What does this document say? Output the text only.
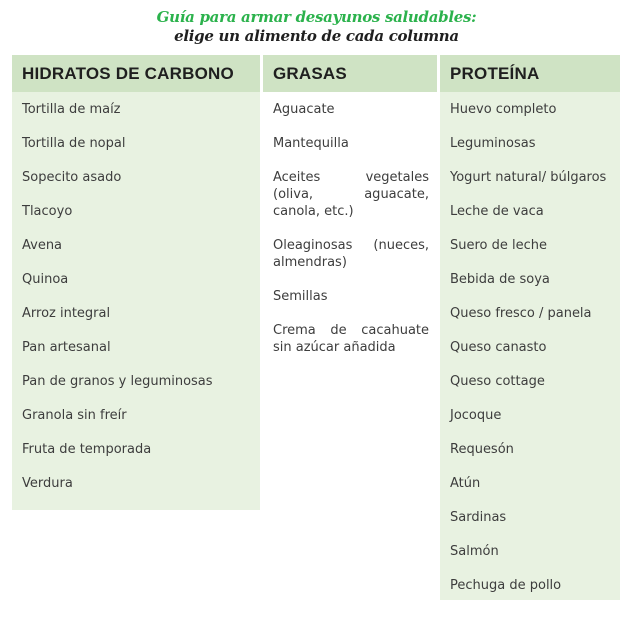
Guía para armar desayunos saludables:
elige un alimento de cada columna
HIDRATOS DE CARBONO
Tortilla de maíz
Tortilla de nopal
Sopecito asado
Tlacoyo
Avena
Quinoa
Arroz integral
Pan artesanal
Pan de granos y leguminosas
Granola sin freír
Fruta de temporada
Verdura
GRASAS
Aguacate
Mantequilla
Aceites vegetales (oliva, aguacate, canola, etc.)
Oleaginosas (nueces, almendras)
Semillas
Crema de cacahuate sin azúcar añadida
PROTEÍNA
Huevo completo
Leguminosas
Yogurt natural/ búlgaros
Leche de vaca
Suero de leche
Bebida de soya
Queso fresco / panela
Queso canasto
Queso cottage
Jocoque
Requesón
Atún
Sardinas
Salmón
Pechuga de pollo
